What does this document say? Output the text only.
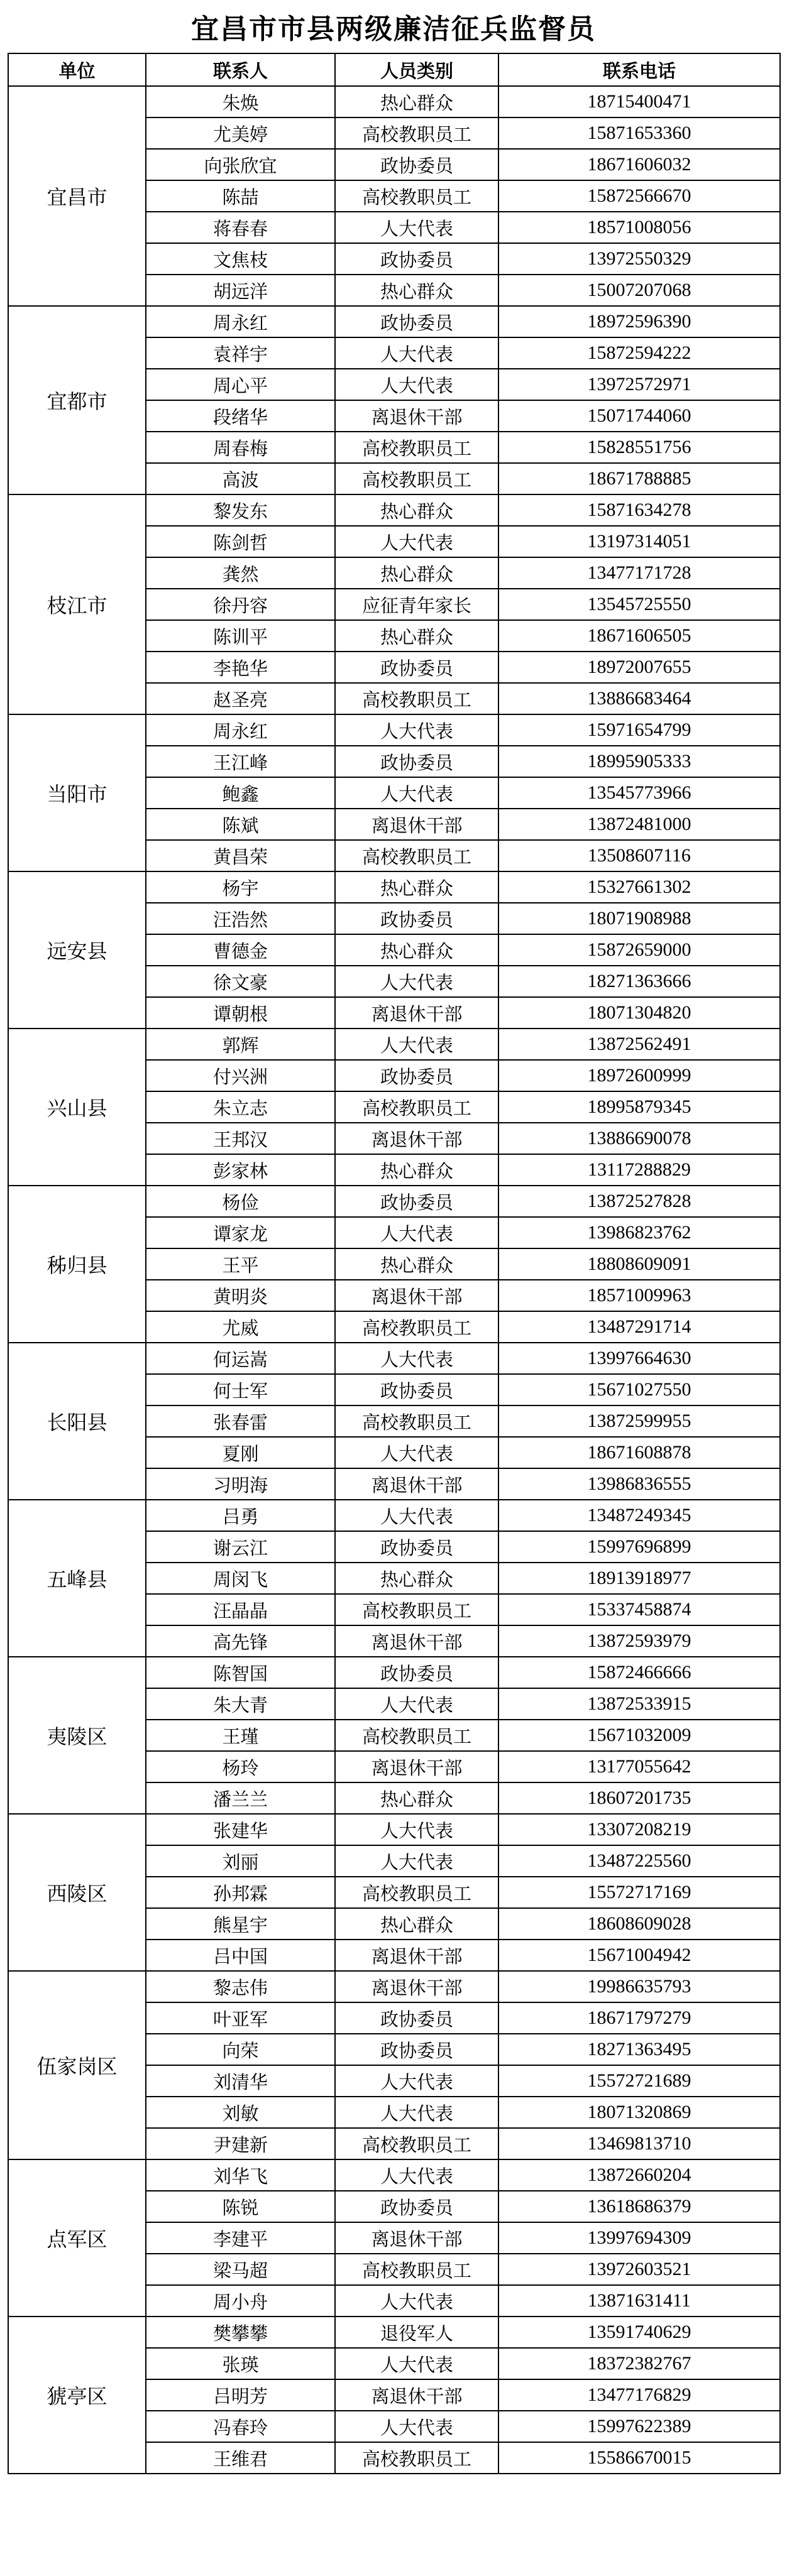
宜昌市市县两级廉洁征兵监督员
单位	联系人	人员类别	联系电话
宜昌市	朱焕	热心群众	18715400471
	尤美婷	高校教职员工	15871653360
	向张欣宜	政协委员	18671606032
	陈喆	高校教职员工	15872566670
	蒋春春	人大代表	18571008056
	文焦枝	政协委员	13972550329
	胡远洋	热心群众	15007207068
宜都市	周永红	政协委员	18972596390
	袁祥宇	人大代表	15872594222
	周心平	人大代表	13972572971
	段绪华	离退休干部	15071744060
	周春梅	高校教职员工	15828551756
	高波	高校教职员工	18671788885
枝江市	黎发东	热心群众	15871634278
	陈剑哲	人大代表	13197314051
	龚然	热心群众	13477171728
	徐丹容	应征青年家长	13545725550
	陈训平	热心群众	18671606505
	李艳华	政协委员	18972007655
	赵圣亮	高校教职员工	13886683464
当阳市	周永红	人大代表	15971654799
	王江峰	政协委员	18995905333
	鲍鑫	人大代表	13545773966
	陈斌	离退休干部	13872481000
	黄昌荣	高校教职员工	13508607116
远安县	杨宇	热心群众	15327661302
	汪浩然	政协委员	18071908988
	曹德金	热心群众	15872659000
	徐文豪	人大代表	18271363666
	谭朝根	离退休干部	18071304820
兴山县	郭辉	人大代表	13872562491
	付兴洲	政协委员	18972600999
	朱立志	高校教职员工	18995879345
	王邦汉	离退休干部	13886690078
	彭家林	热心群众	13117288829
秭归县	杨俭	政协委员	13872527828
	谭家龙	人大代表	13986823762
	王平	热心群众	18808609091
	黄明炎	离退休干部	18571009963
	尤威	高校教职员工	13487291714
长阳县	何运嵩	人大代表	13997664630
	何士军	政协委员	15671027550
	张春雷	高校教职员工	13872599955
	夏刚	人大代表	18671608878
	习明海	离退休干部	13986836555
五峰县	吕勇	人大代表	13487249345
	谢云江	政协委员	15997696899
	周闵飞	热心群众	18913918977
	汪晶晶	高校教职员工	15337458874
	高先锋	离退休干部	13872593979
夷陵区	陈智国	政协委员	15872466666
	朱大青	人大代表	13872533915
	王瑾	高校教职员工	15671032009
	杨玲	离退休干部	13177055642
	潘兰兰	热心群众	18607201735
西陵区	张建华	人大代表	13307208219
	刘丽	人大代表	13487225560
	孙邦霖	高校教职员工	15572717169
	熊星宇	热心群众	18608609028
	吕中国	离退休干部	15671004942
伍家岗区	黎志伟	离退休干部	19986635793
	叶亚军	政协委员	18671797279
	向荣	政协委员	18271363495
	刘清华	人大代表	15572721689
	刘敏	人大代表	18071320869
	尹建新	高校教职员工	13469813710
点军区	刘华飞	人大代表	13872660204
	陈锐	政协委员	13618686379
	李建平	离退休干部	13997694309
	梁马超	高校教职员工	13972603521
	周小舟	人大代表	13871631411
猇亭区	樊攀攀	退役军人	13591740629
	张瑛	人大代表	18372382767
	吕明芳	离退休干部	13477176829
	冯春玲	人大代表	15997622389
	王维君	高校教职员工	15586670015
